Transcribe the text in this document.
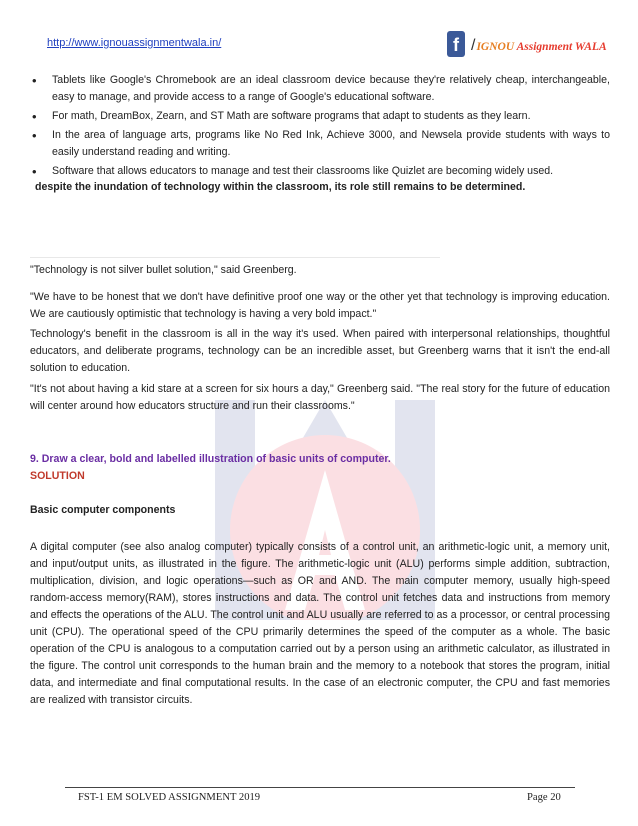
http://www.ignouassignmentwala.in/	f / IGNOU Assignment WALA
• Tablets like Google's Chromebook are an ideal classroom device because they're relatively cheap, interchangeable, easy to manage, and provide access to a range of Google's educational software.
• For math, DreamBox, Zearn, and ST Math are software programs that adapt to students as they learn.
• In the area of language arts, programs like No Red Ink, Achieve 3000, and Newsela provide students with ways to easily understand reading and writing.
• Software that allows educators to manage and test their classrooms like Quizlet are becoming widely used.

despite the inundation of technology within the classroom, its role still remains to be determined.

"Technology is not silver bullet solution," said Greenberg.

"We have to be honest that we don't have definitive proof one way or the other yet that technology is improving education. We are cautiously optimistic that technology is having a very bold impact."

Technology's benefit in the classroom is all in the way it's used. When paired with interpersonal relationships, thoughtful educators, and deliberate programs, technology can be an incredible asset, but Greenberg warns that it isn't the end-all solution to education.

"It's not about having a kid stare at a screen for six hours a day," Greenberg said. "The real story for the future of education will center around how educators structure and run their classrooms."

9. Draw a clear, bold and labelled illustration of basic units of computer.

SOLUTION

Basic computer components

A digital computer (see also analog computer) typically consists of a control unit, an arithmetic-logic unit, a memory unit, and input/output units, as illustrated in the figure. The arithmetic-logic unit (ALU) performs simple addition, subtraction, multiplication, division, and logic operations—such as OR and AND. The main computer memory, usually high-speed random-access memory(RAM), stores instructions and data. The control unit fetches data and instructions from memory and effects the operations of the ALU. The control unit and ALU usually are referred to as a processor, or central processing unit (CPU). The operational speed of the CPU primarily determines the speed of the computer as a whole. The basic operation of the CPU is analogous to a computation carried out by a person using an arithmetic calculator, as illustrated in the figure. The control unit corresponds to the human brain and the memory to a notebook that stores the program, initial data, and intermediate and final computational results. In the case of an electronic computer, the CPU and fast memories are realized with transistor circuits.

FST-1 EM SOLVED ASSIGNMENT 2019	Page 20
